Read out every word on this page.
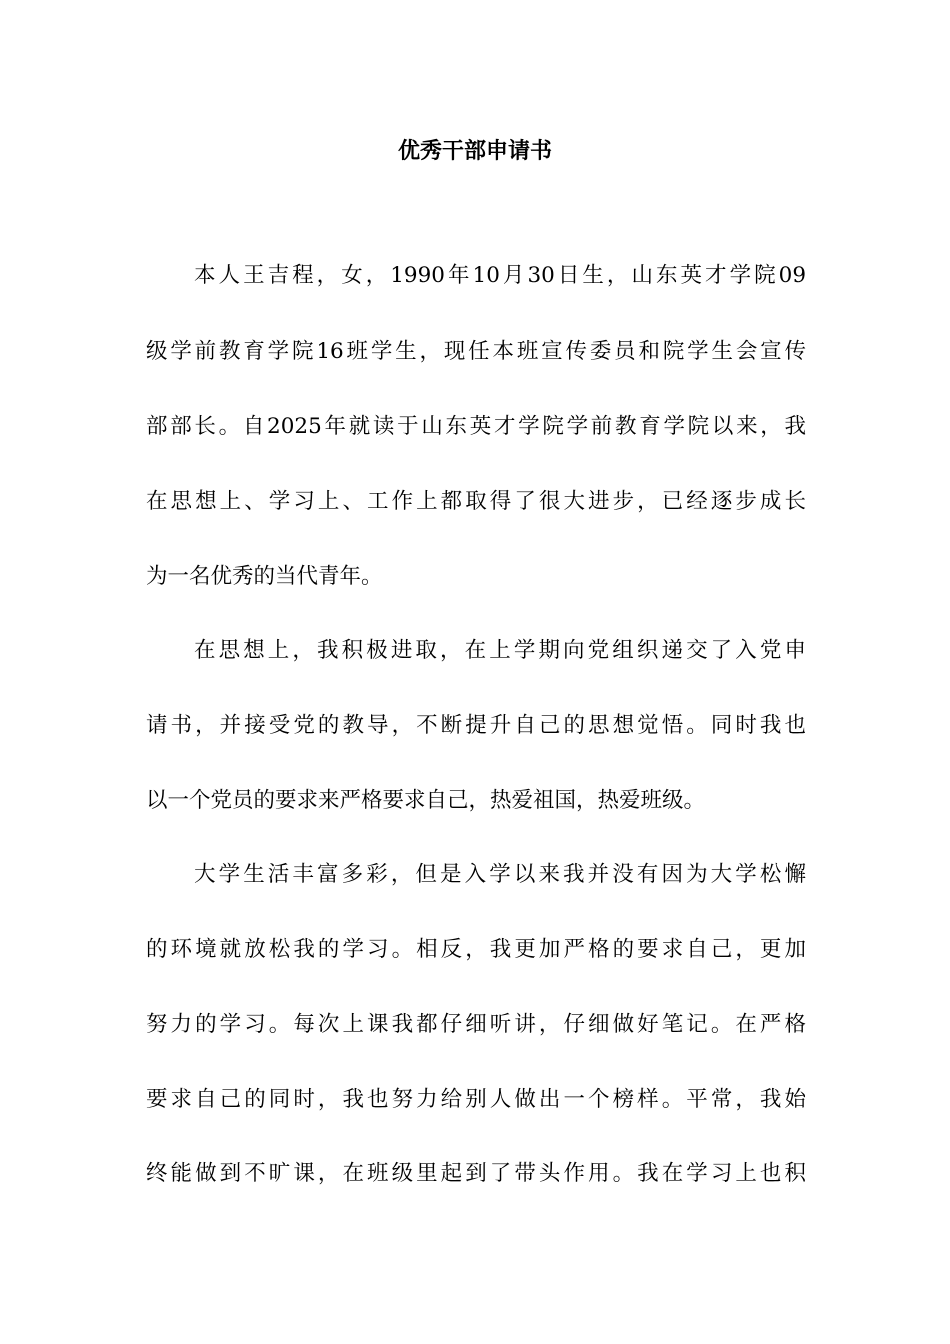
优秀干部申请书
本人王吉程，女，1990年10月30日生，山东英才学院09
级学前教育学院16班学生，现任本班宣传委员和院学生会宣传
部部长。自2025年就读于山东英才学院学前教育学院以来，我
在思想上、学习上、工作上都取得了很大进步，已经逐步成长
为一名优秀的当代青年。
在思想上，我积极进取，在上学期向党组织递交了入党申
请书，并接受党的教导，不断提升自己的思想觉悟。同时我也
以一个党员的要求来严格要求自己，热爱祖国，热爱班级。
大学生活丰富多彩，但是入学以来我并没有因为大学松懈
的环境就放松我的学习。相反，我更加严格的要求自己，更加
努力的学习。每次上课我都仔细听讲，仔细做好笔记。在严格
要求自己的同时，我也努力给别人做出一个榜样。平常，我始
终能做到不旷课，在班级里起到了带头作用。我在学习上也积
